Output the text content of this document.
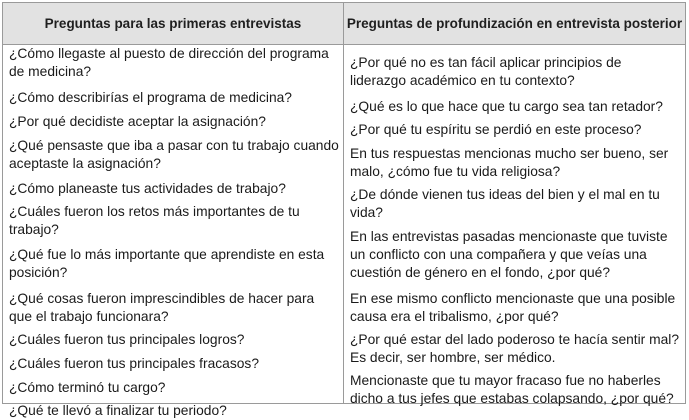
Preguntas para las primeras entrevistas	Preguntas de profundización en entrevista posterior
¿Cómo llegaste al puesto de dirección del programa de medicina?
¿Cómo describirías el programa de medicina?
¿Por qué decidiste aceptar la asignación?
¿Qué pensaste que iba a pasar con tu trabajo cuando aceptaste la asignación?
¿Cómo planeaste tus actividades de trabajo?
¿Cuáles fueron los retos más importantes de tu trabajo?
¿Qué fue lo más importante que aprendiste en esta posición?
¿Qué cosas fueron imprescindibles de hacer para que el trabajo funcionara?
¿Cuáles fueron tus principales logros?
¿Cuáles fueron tus principales fracasos?
¿Cómo terminó tu cargo?
¿Qué te llevó a finalizar tu periodo?
¿Por qué no es tan fácil aplicar principios de liderazgo académico en tu contexto?
¿Qué es lo que hace que tu cargo sea tan retador?
¿Por qué tu espíritu se perdió en este proceso?
En tus respuestas mencionas mucho ser bueno, ser malo, ¿cómo fue tu vida religiosa?
¿De dónde vienen tus ideas del bien y el mal en tu vida?
En las entrevistas pasadas mencionaste que tuviste un conflicto con una compañera y que veías una cuestión de género en el fondo, ¿por qué?
En ese mismo conflicto mencionaste que una posible causa era el tribalismo, ¿por qué?
¿Por qué estar del lado poderoso te hacía sentir mal? Es decir, ser hombre, ser médico.
Mencionaste que tu mayor fracaso fue no haberles dicho a tus jefes que estabas colapsando, ¿por qué?
